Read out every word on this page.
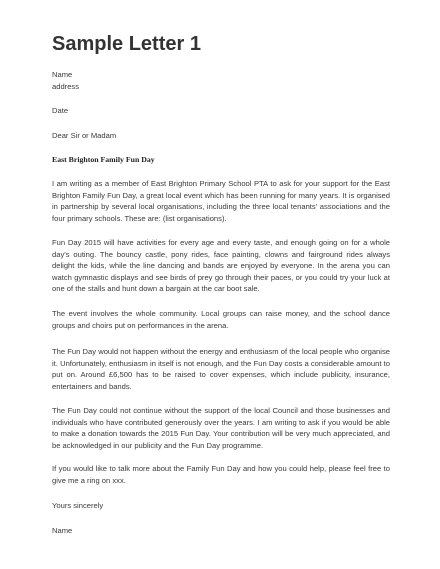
Sample Letter 1
Name
address
Date
Dear Sir or Madam
East Brighton Family Fun Day

I am writing as a member of East Brighton Primary School PTA to ask for your support for the East Brighton Family Fun Day, a great local event which has been running for many years. It is organised in partnership by several local organisations, including the three local tenants' associations and the four primary schools. These are: (list organisations).

Fun Day 2015 will have activities for every age and every taste, and enough going on for a whole day's outing. The bouncy castle, pony rides, face painting, clowns and fairground rides always delight the kids, while the line dancing and bands are enjoyed by everyone. In the arena you can watch gymnastic displays and see birds of prey go through their paces, or you could try your luck at one of the stalls and hunt down a bargain at the car boot sale.

The event involves the whole community. Local groups can raise money, and the school dance groups and choirs put on performances in the arena.

The Fun Day would not happen without the energy and enthusiasm of the local people who organise it. Unfortunately, enthusiasm in itself is not enough, and the Fun Day costs a considerable amount to put on. Around £6,500 has to be raised to cover expenses, which include publicity, insurance, entertainers and bands.

The Fun Day could not continue without the support of the local Council and those businesses and individuals who have contributed generously over the years. I am writing to ask if you would be able to make a donation towards the 2015 Fun Day. Your contribution will be very much appreciated, and be acknowledged in our publicity and the Fun Day programme.

If you would like to talk more about the Family Fun Day and how you could help, please feel free to give me a ring on xxx.

Yours sincerely
Name
